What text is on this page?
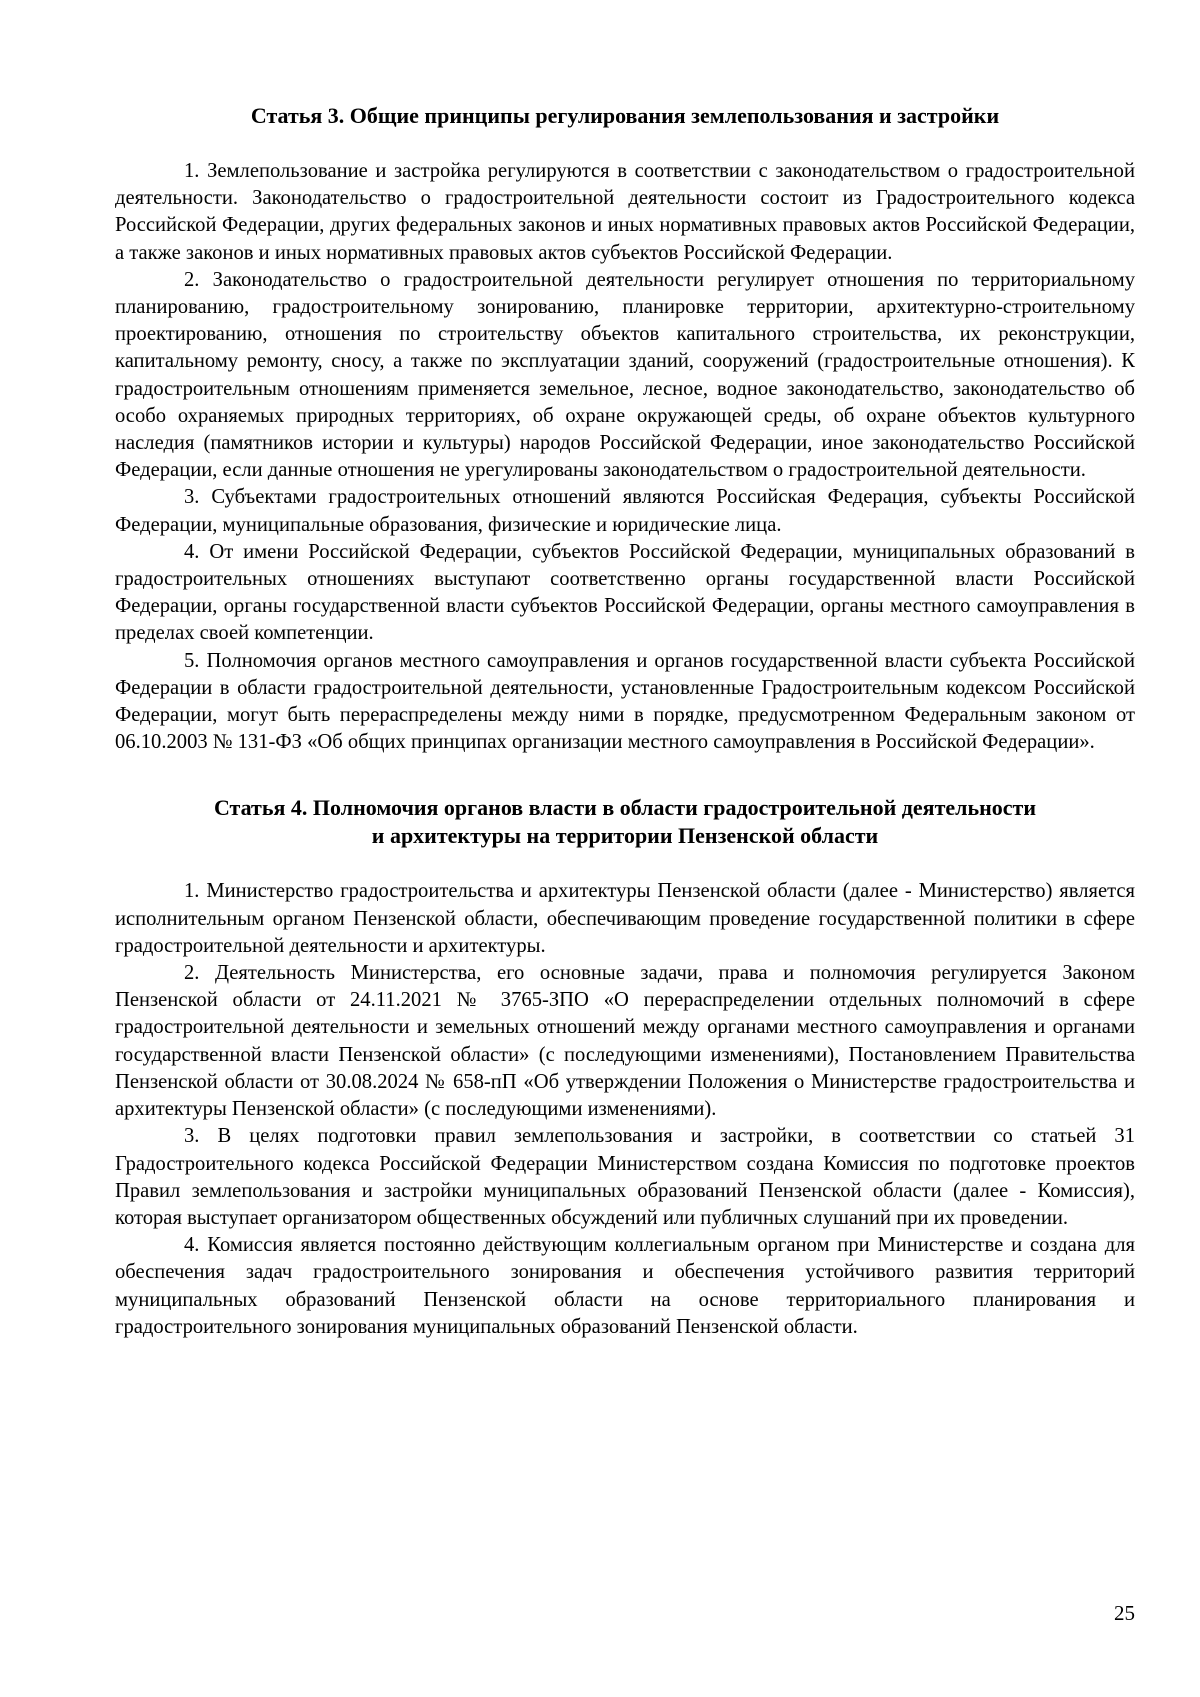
Статья 3. Общие принципы регулирования землепользования и застройки

1. Землепользование и застройка регулируются в соответствии с законодательством о градостроительной деятельности. Законодательство о градостроительной деятельности состоит из Градостроительного кодекса Российской Федерации, других федеральных законов и иных нормативных правовых актов Российской Федерации, а также законов и иных нормативных правовых актов субъектов Российской Федерации.

2. Законодательство о градостроительной деятельности регулирует отношения по территориальному планированию, градостроительному зонированию, планировке территории, архитектурно-строительному проектированию, отношения по строительству объектов капитального строительства, их реконструкции, капитальному ремонту, сносу, а также по эксплуатации зданий, сооружений (градостроительные отношения). К градостроительным отношениям применяется земельное, лесное, водное законодательство, законодательство об особо охраняемых природных территориях, об охране окружающей среды, об охране объектов культурного наследия (памятников истории и культуры) народов Российской Федерации, иное законодательство Российской Федерации, если данные отношения не урегулированы законодательством о градостроительной деятельности.

3. Субъектами градостроительных отношений являются Российская Федерация, субъекты Российской Федерации, муниципальные образования, физические и юридические лица.

4. От имени Российской Федерации, субъектов Российской Федерации, муниципальных образований в градостроительных отношениях выступают соответственно органы государственной власти Российской Федерации, органы государственной власти субъектов Российской Федерации, органы местного самоуправления в пределах своей компетенции.

5. Полномочия органов местного самоуправления и органов государственной власти субъекта Российской Федерации в области градостроительной деятельности, установленные Градостроительным кодексом Российской Федерации, могут быть перераспределены между ними в порядке, предусмотренном Федеральным законом от 06.10.2003 № 131-ФЗ «Об общих принципах организации местного самоуправления в Российской Федерации».

Статья 4. Полномочия органов власти в области градостроительной деятельности
и архитектуры на территории Пензенской области

1. Министерство градостроительства и архитектуры Пензенской области (далее - Министерство) является исполнительным органом Пензенской области, обеспечивающим проведение государственной политики в сфере градостроительной деятельности и архитектуры.

2. Деятельность Министерства, его основные задачи, права и полномочия регулируется Законом Пензенской области от 24.11.2021 № 3765-ЗПО «О перераспределении отдельных полномочий в сфере градостроительной деятельности и земельных отношений между органами местного самоуправления и органами государственной власти Пензенской области» (с последующими изменениями), Постановлением Правительства Пензенской области от 30.08.2024 № 658-пП «Об утверждении Положения о Министерстве градостроительства и архитектуры Пензенской области» (с последующими изменениями).

3. В целях подготовки правил землепользования и застройки, в соответствии со статьей 31 Градостроительного кодекса Российской Федерации Министерством создана Комиссия по подготовке проектов Правил землепользования и застройки муниципальных образований Пензенской области (далее - Комиссия), которая выступает организатором общественных обсуждений или публичных слушаний при их проведении.

4. Комиссия является постоянно действующим коллегиальным органом при Министерстве и создана для обеспечения задач градостроительного зонирования и обеспечения устойчивого развития территорий муниципальных образований Пензенской области на основе территориального планирования и градостроительного зонирования муниципальных образований Пензенской области.

25
